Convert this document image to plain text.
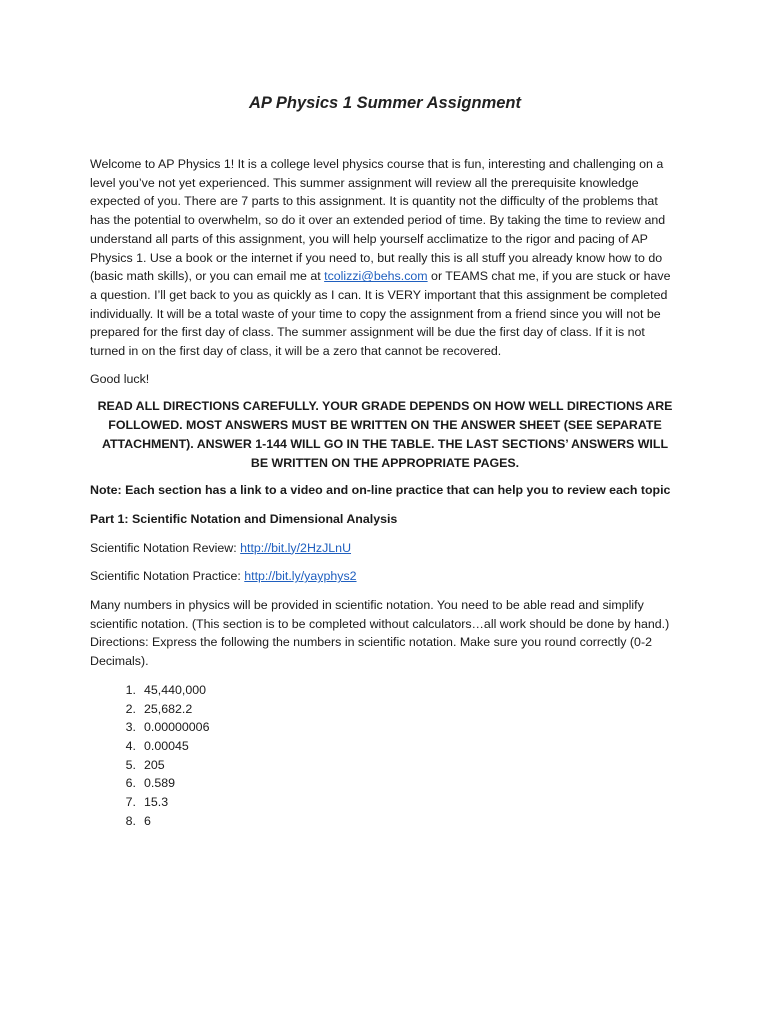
AP Physics 1 Summer Assignment

Welcome to AP Physics 1! It is a college level physics course that is fun, interesting and challenging on a level you’ve not yet experienced. This summer assignment will review all the prerequisite knowledge expected of you. There are 7 parts to this assignment. It is quantity not the difficulty of the problems that has the potential to overwhelm, so do it over an extended period of time. By taking the time to review and understand all parts of this assignment, you will help yourself acclimatize to the rigor and pacing of AP Physics 1. Use a book or the internet if you need to, but really this is all stuff you already know how to do (basic math skills), or you can email me at tcolizzi@behs.com or TEAMS chat me, if you are stuck or have a question. I’ll get back to you as quickly as I can. It is VERY important that this assignment be completed individually. It will be a total waste of your time to copy the assignment from a friend since you will not be prepared for the first day of class. The summer assignment will be due the first day of class. If it is not turned in on the first day of class, it will be a zero that cannot be recovered.

Good luck!

READ ALL DIRECTIONS CAREFULLY. YOUR GRADE DEPENDS ON HOW WELL DIRECTIONS ARE FOLLOWED. MOST ANSWERS MUST BE WRITTEN ON THE ANSWER SHEET (SEE SEPARATE ATTACHMENT). ANSWER 1-144 WILL GO IN THE TABLE. THE LAST SECTIONS’ ANSWERS WILL BE WRITTEN ON THE APPROPRIATE PAGES.

Note: Each section has a link to a video and on-line practice that can help you to review each topic

Part 1: Scientific Notation and Dimensional Analysis

Scientific Notation Review: http://bit.ly/2HzJLnU

Scientific Notation Practice: http://bit.ly/yayphys2

Many numbers in physics will be provided in scientific notation. You need to be able read and simplify scientific notation. (This section is to be completed without calculators…all work should be done by hand.) Directions: Express the following the numbers in scientific notation. Make sure you round correctly (0-2 Decimals).

1. 45,440,000
2. 25,682.2
3. 0.00000006
4. 0.00045
5. 205
6. 0.589
7. 15.3
8. 6
